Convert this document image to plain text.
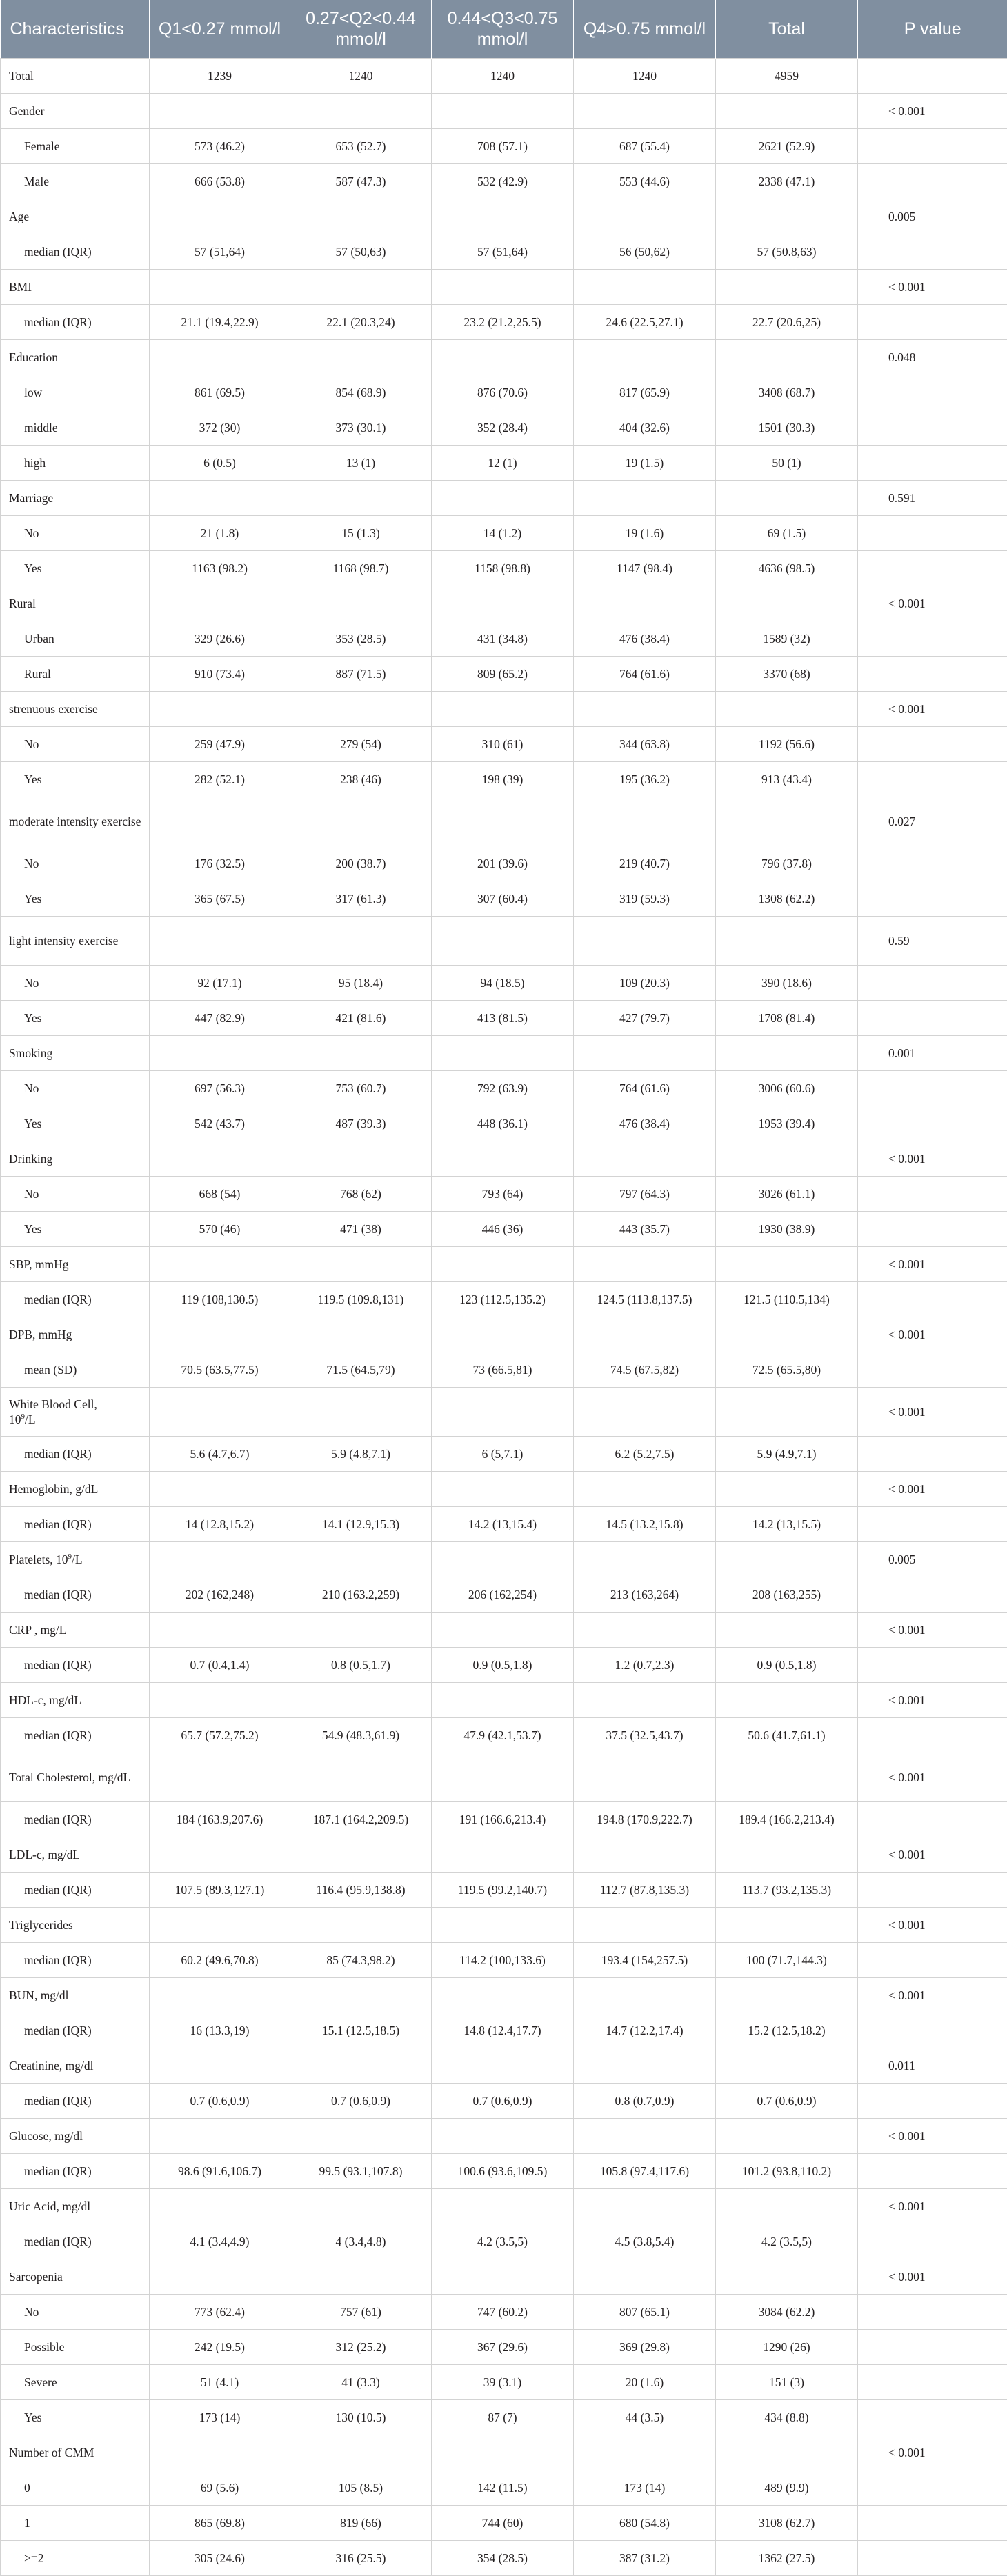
Characteristics	Q1<0.27 mmol/l	0.27<Q2<0.44 mmol/l	0.44<Q3<0.75 mmol/l	Q4>0.75 mmol/l	Total	P value
Total	1239	1240	1240	1240	4959	
Gender						< 0.001
Female	573 (46.2)	653 (52.7)	708 (57.1)	687 (55.4)	2621 (52.9)	
Male	666 (53.8)	587 (47.3)	532 (42.9)	553 (44.6)	2338 (47.1)	
Age						0.005
median (IQR)	57 (51,64)	57 (50,63)	57 (51,64)	56 (50,62)	57 (50.8,63)	
BMI						< 0.001
median (IQR)	21.1 (19.4,22.9)	22.1 (20.3,24)	23.2 (21.2,25.5)	24.6 (22.5,27.1)	22.7 (20.6,25)	
Education						0.048
low	861 (69.5)	854 (68.9)	876 (70.6)	817 (65.9)	3408 (68.7)	
middle	372 (30)	373 (30.1)	352 (28.4)	404 (32.6)	1501 (30.3)	
high	6 (0.5)	13 (1)	12 (1)	19 (1.5)	50 (1)	
Marriage						0.591
No	21 (1.8)	15 (1.3)	14 (1.2)	19 (1.6)	69 (1.5)	
Yes	1163 (98.2)	1168 (98.7)	1158 (98.8)	1147 (98.4)	4636 (98.5)	
Rural						< 0.001
Urban	329 (26.6)	353 (28.5)	431 (34.8)	476 (38.4)	1589 (32)	
Rural	910 (73.4)	887 (71.5)	809 (65.2)	764 (61.6)	3370 (68)	
strenuous exercise						< 0.001
No	259 (47.9)	279 (54)	310 (61)	344 (63.8)	1192 (56.6)	
Yes	282 (52.1)	238 (46)	198 (39)	195 (36.2)	913 (43.4)	
moderate intensity exercise						0.027
No	176 (32.5)	200 (38.7)	201 (39.6)	219 (40.7)	796 (37.8)	
Yes	365 (67.5)	317 (61.3)	307 (60.4)	319 (59.3)	1308 (62.2)	
light intensity exercise						0.59
No	92 (17.1)	95 (18.4)	94 (18.5)	109 (20.3)	390 (18.6)	
Yes	447 (82.9)	421 (81.6)	413 (81.5)	427 (79.7)	1708 (81.4)	
Smoking						0.001
No	697 (56.3)	753 (60.7)	792 (63.9)	764 (61.6)	3006 (60.6)	
Yes	542 (43.7)	487 (39.3)	448 (36.1)	476 (38.4)	1953 (39.4)	
Drinking						< 0.001
No	668 (54)	768 (62)	793 (64)	797 (64.3)	3026 (61.1)	
Yes	570 (46)	471 (38)	446 (36)	443 (35.7)	1930 (38.9)	
SBP, mmHg						< 0.001
median (IQR)	119 (108,130.5)	119.5 (109.8,131)	123 (112.5,135.2)	124.5 (113.8,137.5)	121.5 (110.5,134)	
DPB, mmHg						< 0.001
mean (SD)	70.5 (63.5,77.5)	71.5 (64.5,79)	73 (66.5,81)	74.5 (67.5,82)	72.5 (65.5,80)	
White Blood Cell,
$10^9/L$						< 0.001
median (IQR)	5.6 (4.7,6.7)	5.9 (4.8,7.1)	6 (5,7.1)	6.2 (5.2,7.5)	5.9 (4.9,7.1)	
Hemoglobin, g/dL						< 0.001
median (IQR)	14 (12.8,15.2)	14.1 (12.9,15.3)	14.2 (13,15.4)	14.5 (13.2,15.8)	14.2 (13,15.5)	
Platelets, $10^9/L$						0.005
median (IQR)	202 (162,248)	210 (163.2,259)	206 (162,254)	213 (163,264)	208 (163,255)	
CRP , mg/L						< 0.001
median (IQR)	0.7 (0.4,1.4)	0.8 (0.5,1.7)	0.9 (0.5,1.8)	1.2 (0.7,2.3)	0.9 (0.5,1.8)	
HDL-c, mg/dL						< 0.001
median (IQR)	65.7 (57.2,75.2)	54.9 (48.3,61.9)	47.9 (42.1,53.7)	37.5 (32.5,43.7)	50.6 (41.7,61.1)	
Total Cholesterol, mg/dL						< 0.001
median (IQR)	184 (163.9,207.6)	187.1 (164.2,209.5)	191 (166.6,213.4)	194.8 (170.9,222.7)	189.4 (166.2,213.4)	
LDL-c, mg/dL						< 0.001
median (IQR)	107.5 (89.3,127.1)	116.4 (95.9,138.8)	119.5 (99.2,140.7)	112.7 (87.8,135.3)	113.7 (93.2,135.3)	
Triglycerides						< 0.001
median (IQR)	60.2 (49.6,70.8)	85 (74.3,98.2)	114.2 (100,133.6)	193.4 (154,257.5)	100 (71.7,144.3)	
BUN, mg/dl						< 0.001
median (IQR)	16 (13.3,19)	15.1 (12.5,18.5)	14.8 (12.4,17.7)	14.7 (12.2,17.4)	15.2 (12.5,18.2)	
Creatinine, mg/dl						0.011
median (IQR)	0.7 (0.6,0.9)	0.7 (0.6,0.9)	0.7 (0.6,0.9)	0.8 (0.7,0.9)	0.7 (0.6,0.9)	
Glucose, mg/dl						< 0.001
median (IQR)	98.6 (91.6,106.7)	99.5 (93.1,107.8)	100.6 (93.6,109.5)	105.8 (97.4,117.6)	101.2 (93.8,110.2)	
Uric Acid, mg/dl						< 0.001
median (IQR)	4.1 (3.4,4.9)	4 (3.4,4.8)	4.2 (3.5,5)	4.5 (3.8,5.4)	4.2 (3.5,5)	
Sarcopenia						< 0.001
No	773 (62.4)	757 (61)	747 (60.2)	807 (65.1)	3084 (62.2)	
Possible	242 (19.5)	312 (25.2)	367 (29.6)	369 (29.8)	1290 (26)	
Severe	51 (4.1)	41 (3.3)	39 (3.1)	20 (1.6)	151 (3)	
Yes	173 (14)	130 (10.5)	87 (7)	44 (3.5)	434 (8.8)	
Number of CMM						< 0.001
0	69 (5.6)	105 (8.5)	142 (11.5)	173 (14)	489 (9.9)	
1	865 (69.8)	819 (66)	744 (60)	680 (54.8)	3108 (62.7)	
>=2	305 (24.6)	316 (25.5)	354 (28.5)	387 (31.2)	1362 (27.5)	
